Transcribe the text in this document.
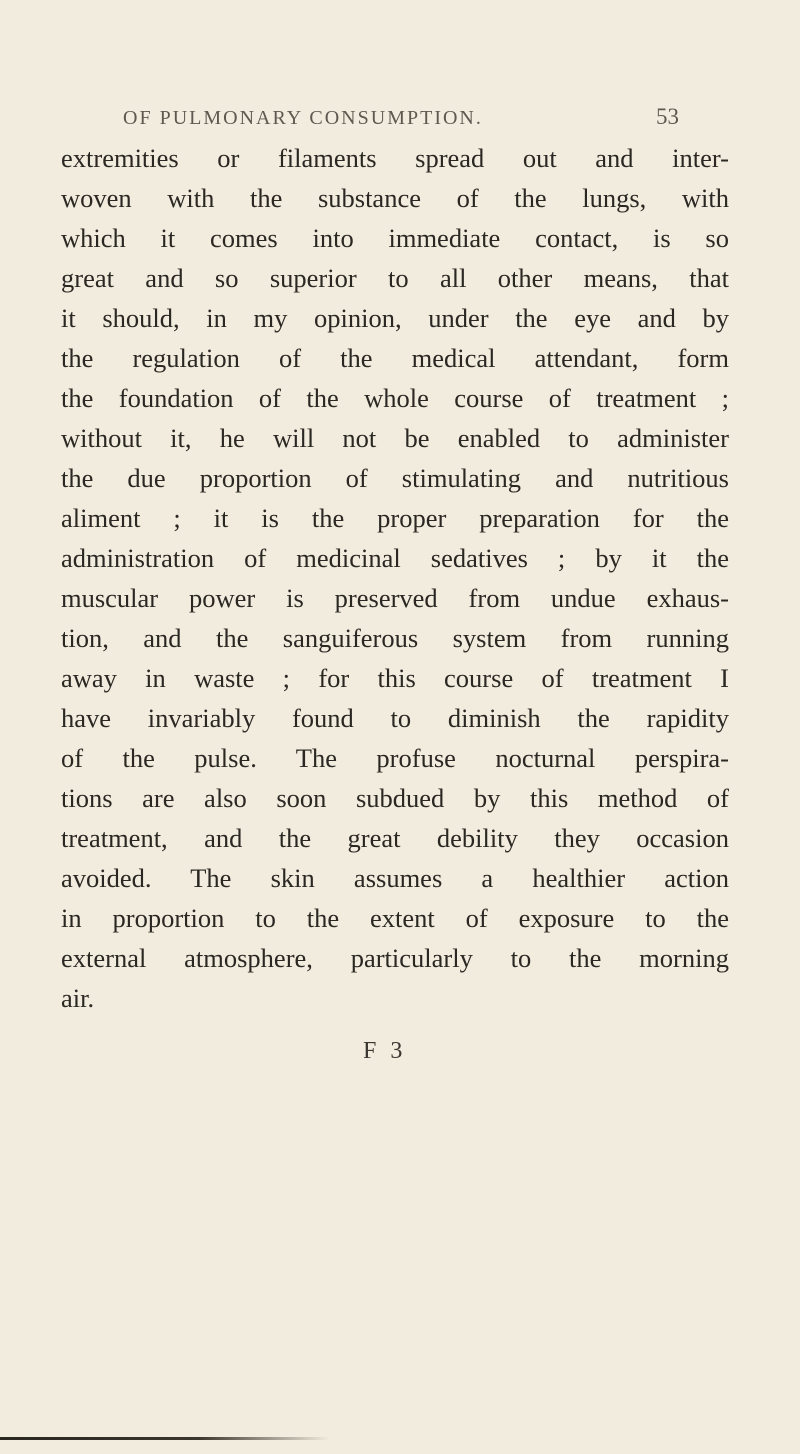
OF PULMONARY CONSUMPTION.	53
extremities or filaments spread out and inter-
woven with the substance of the lungs, with
which it comes into immediate contact, is so
great and so superior to all other means, that
it should, in my opinion, under the eye and by
the regulation of the medical attendant, form
the foundation of the whole course of treatment ;
without it, he will not be enabled to administer
the due proportion of stimulating and nutritious
aliment ; it is the proper preparation for the
administration of medicinal sedatives ; by it the
muscular power is preserved from undue exhaus-
tion, and the sanguiferous system from running
away in waste ; for this course of treatment I
have invariably found to diminish the rapidity
of the pulse. The profuse nocturnal perspira-
tions are also soon subdued by this method of
treatment, and the great debility they occasion
avoided. The skin assumes a healthier action
in proportion to the extent of exposure to the
external atmosphere, particularly to the morning
air.
F 3
